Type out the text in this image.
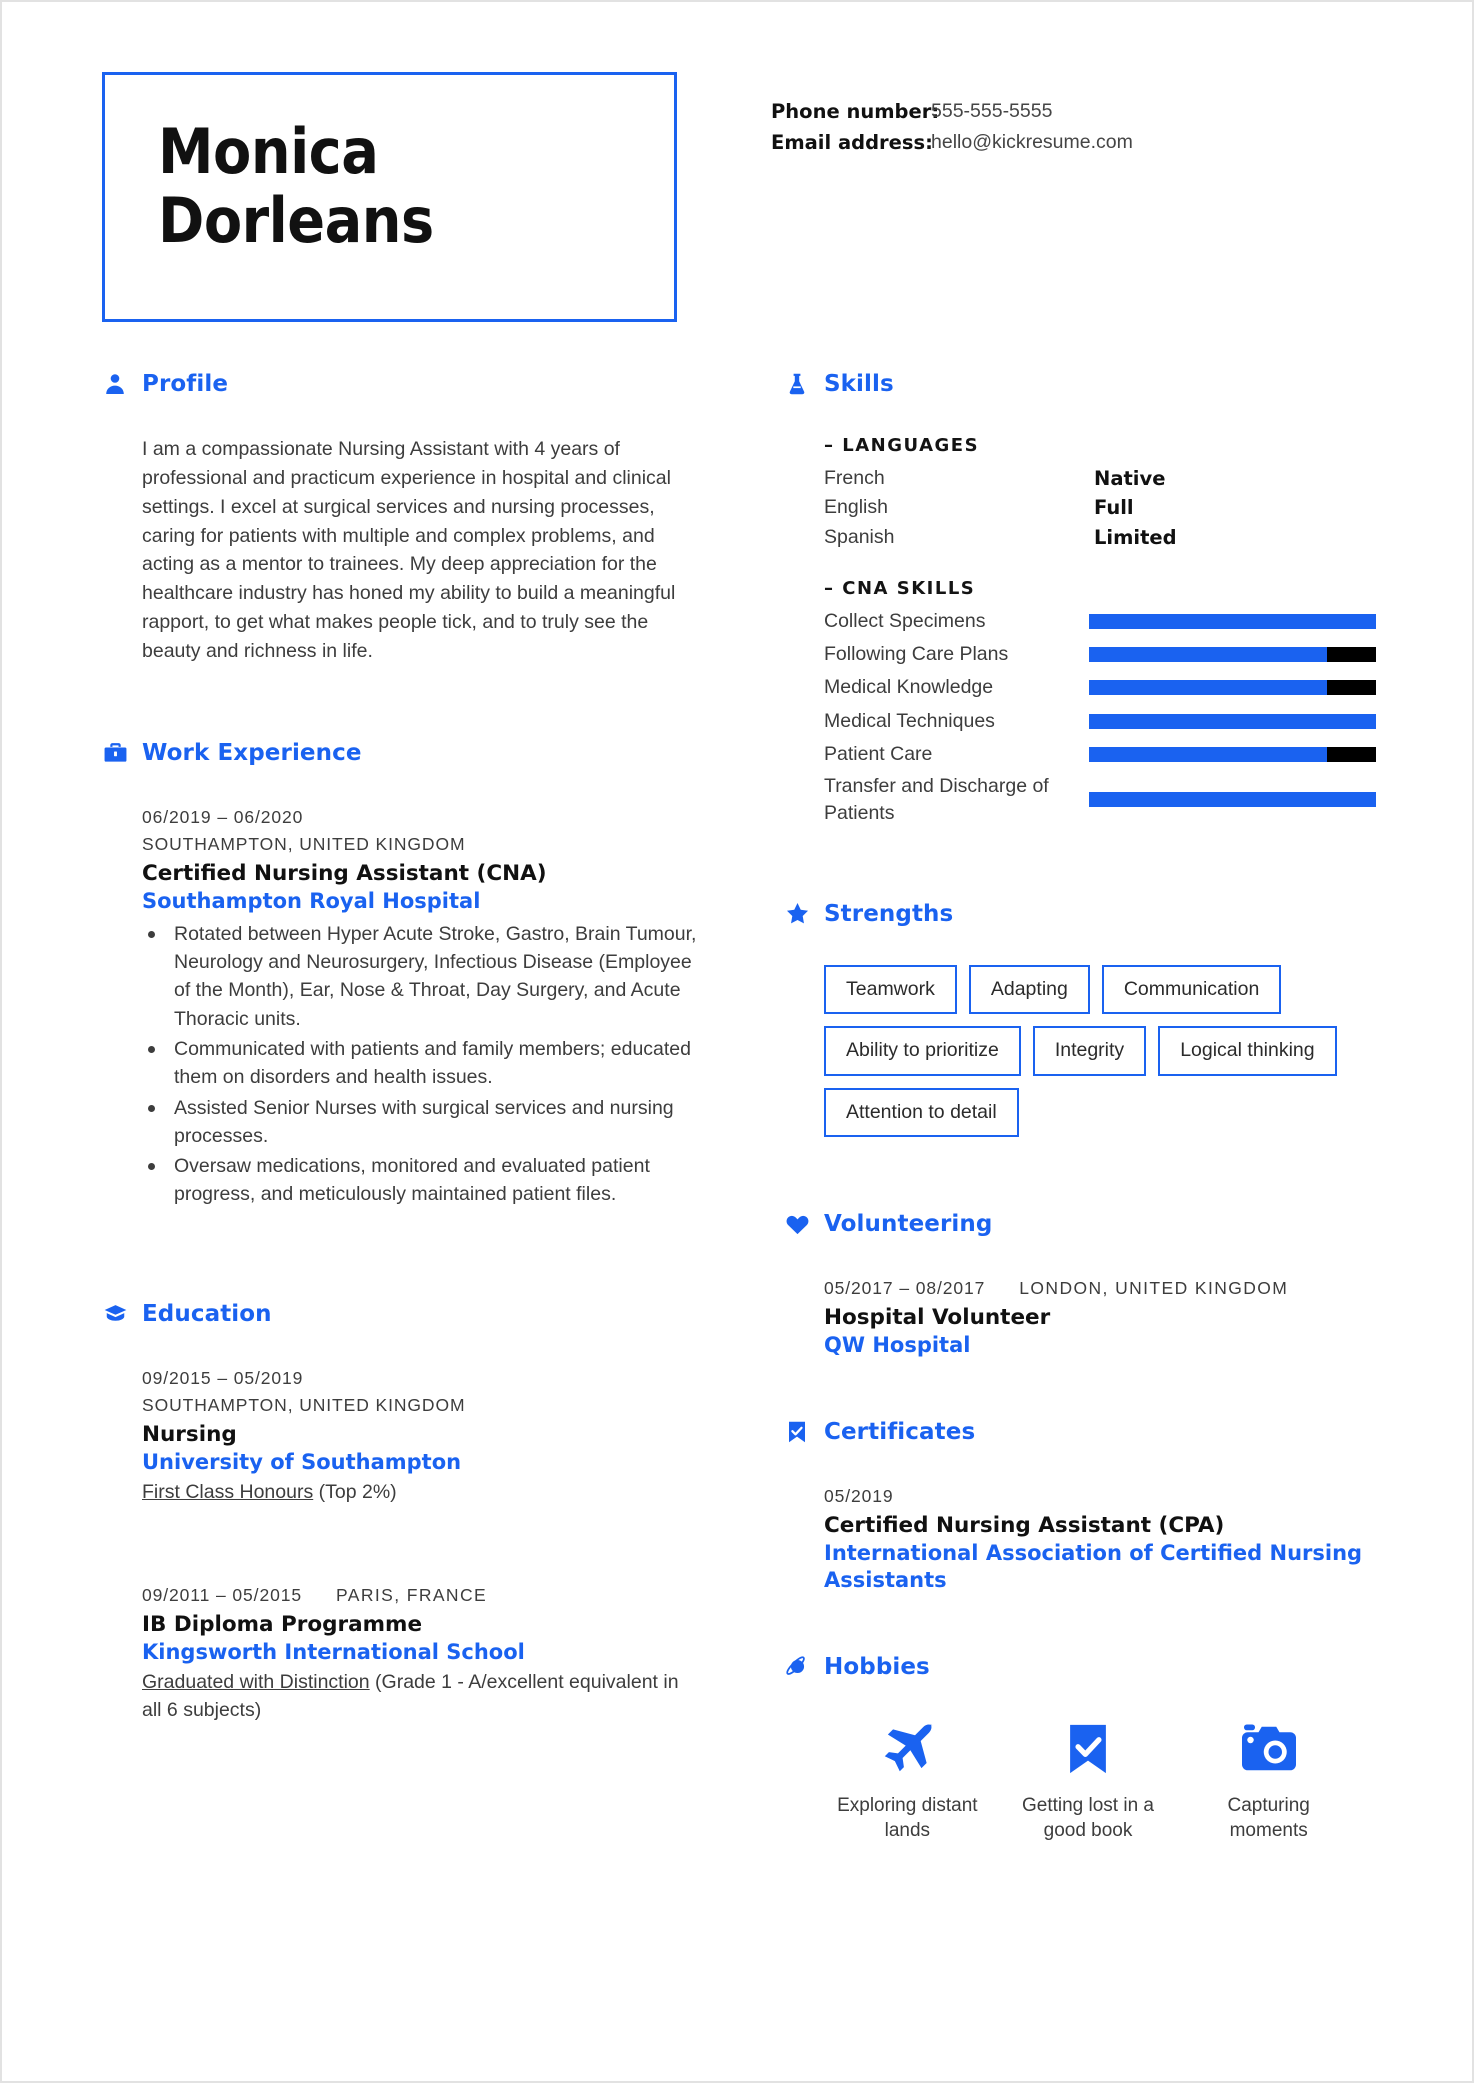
Monica
Dorleans
Phone number:
555-555-5555
Email address:
hello@kickresume.com
Profile

I am a compassionate Nursing Assistant with 4 years of professional and practicum experience in hospital and clinical settings. I excel at surgical services and nursing processes, caring for patients with multiple and complex problems, and acting as a mentor to trainees. My deep appreciation for the healthcare industry has honed my ability to build a meaningful rapport, to get what makes people tick, and to truly see the beauty and richness in life.

Work Experience
06/2019 – 06/2020
SOUTHAMPTON, UNITED KINGDOM
Certified Nursing Assistant (CNA)
Southampton Royal Hospital
Rotated between Hyper Acute Stroke, Gastro, Brain Tumour, Neurology and Neurosurgery, Infectious Disease (Employee of the Month), Ear, Nose & Throat, Day Surgery, and Acute Thoracic units.
Communicated with patients and family members; educated them on disorders and health issues.
Assisted Senior Nurses with surgical services and nursing processes.
Oversaw medications, monitored and evaluated patient progress, and meticulously maintained patient files.
Education
09/2015 – 05/2019
SOUTHAMPTON, UNITED KINGDOM
Nursing
University of Southampton
First Class Honours (Top 2%)
09/2011 – 05/2015 PARIS, FRANCE
IB Diploma Programme
Kingsworth International School
Graduated with Distinction (Grade 1 - A/excellent equivalent in all 6 subjects)
Skills
– LANGUAGES
French	Native
English	Full
Spanish	Limited
– CNA SKILLS
Collect Specimens
Following Care Plans
Medical Knowledge
Medical Techniques
Patient Care
Transfer and Discharge of Patients
Strengths
Teamwork	Adapting	Communication
Ability to prioritize	Integrity	Logical thinking
Attention to detail
Volunteering
05/2017 – 08/2017 LONDON, UNITED KINGDOM
Hospital Volunteer
QW Hospital
Certificates
05/2019
Certified Nursing Assistant (CPA)
International Association of Certified Nursing Assistants
Hobbies
Exploring distant lands
Getting lost in a good book
Capturing moments
